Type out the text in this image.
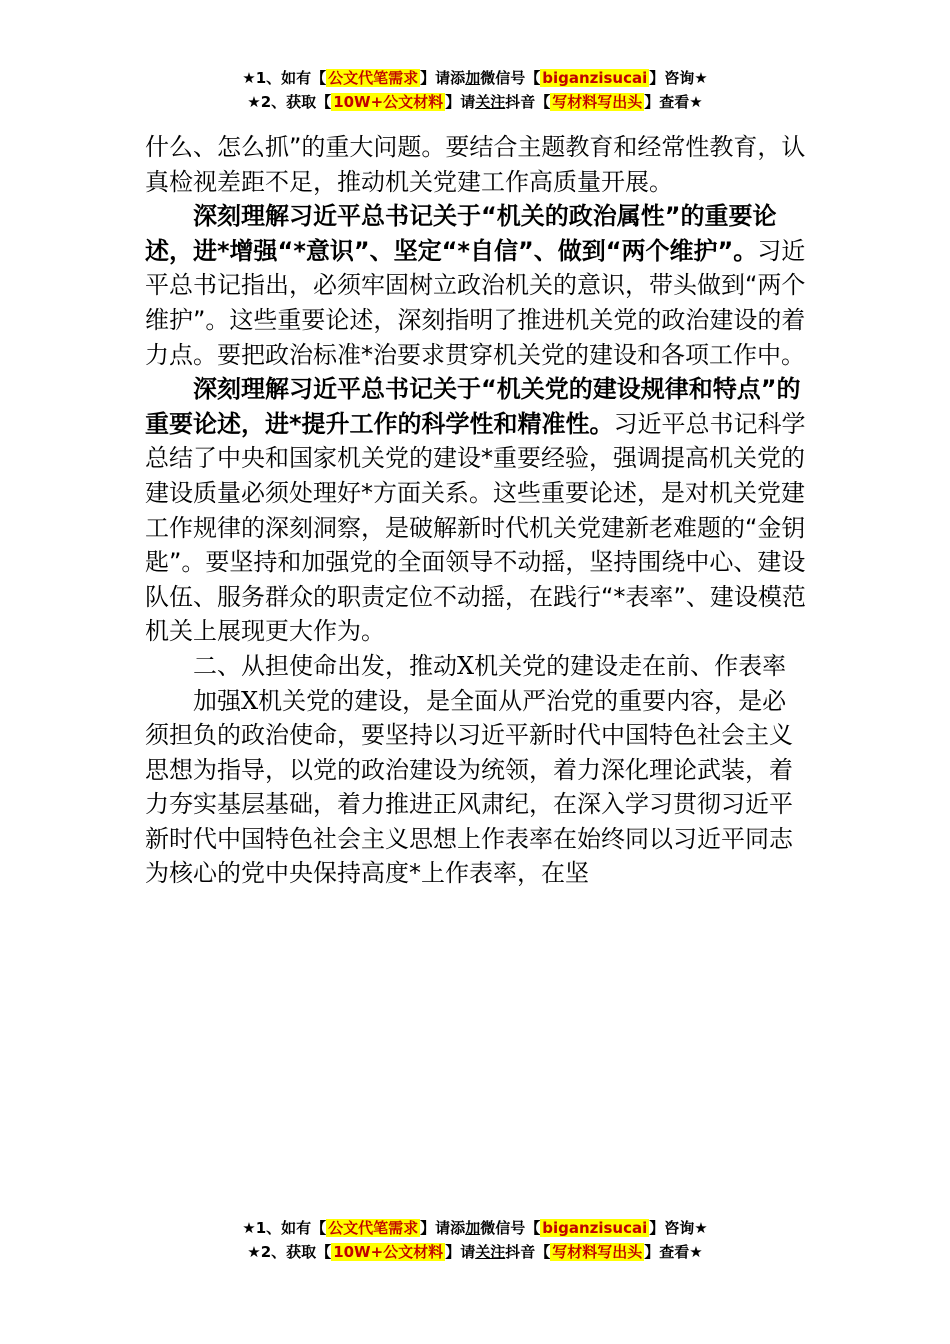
★1、如有【 公文代笔需求 】请添加微信号【 biganzisucai 】咨询★
★2、获取【 10W+公文材料 】请关注抖音【 写材料写出头 】查看★

什么、怎么抓”的重大问题。要结合主题教育和经常性教育，认真检视差距不足，推动机关党建工作高质量开展。

深刻理解习近平总书记关于“机关的政治属性”的重要论述，进*增强“*意识”、坚定“*自信”、做到“两个维护”。习近平总书记指出，必须牢固树立政治机关的意识，带头做到“两个维护”。这些重要论述，深刻指明了推进机关党的政治建设的着力点。要把政治标准*治要求贯穿机关党的建设和各项工作中。

深刻理解习近平总书记关于“机关党的建设规律和特点”的重要论述，进*提升工作的科学性和精准性。习近平总书记科学总结了中央和国家机关党的建设*重要经验，强调提高机关党的建设质量必须处理好*方面关系。这些重要论述，是对机关党建工作规律的深刻洞察，是破解新时代机关党建新老难题的“金钥匙”。要坚持和加强党的全面领导不动摇，坚持围绕中心、建设队伍、服务群众的职责定位不动摇，在践行“*表率”、建设模范机关上展现更大作为。

二、从担使命出发，推动X机关党的建设走在前、作表率

加强X机关党的建设，是全面从严治党的重要内容，是必须担负的政治使命，要坚持以习近平新时代中国特色社会主义思想为指导，以党的政治建设为统领，着力深化理论武装，着力夯实基层基础，着力推进正风肃纪，在深入学习贯彻习近平新时代中国特色社会主义思想上作表率在始终同以习近平同志为核心的党中央保持高度*上作表率，在坚

★1、如有【 公文代笔需求 】请添加微信号【 biganzisucai 】咨询★
★2、获取【 10W+公文材料 】请关注抖音【 写材料写出头 】查看★
